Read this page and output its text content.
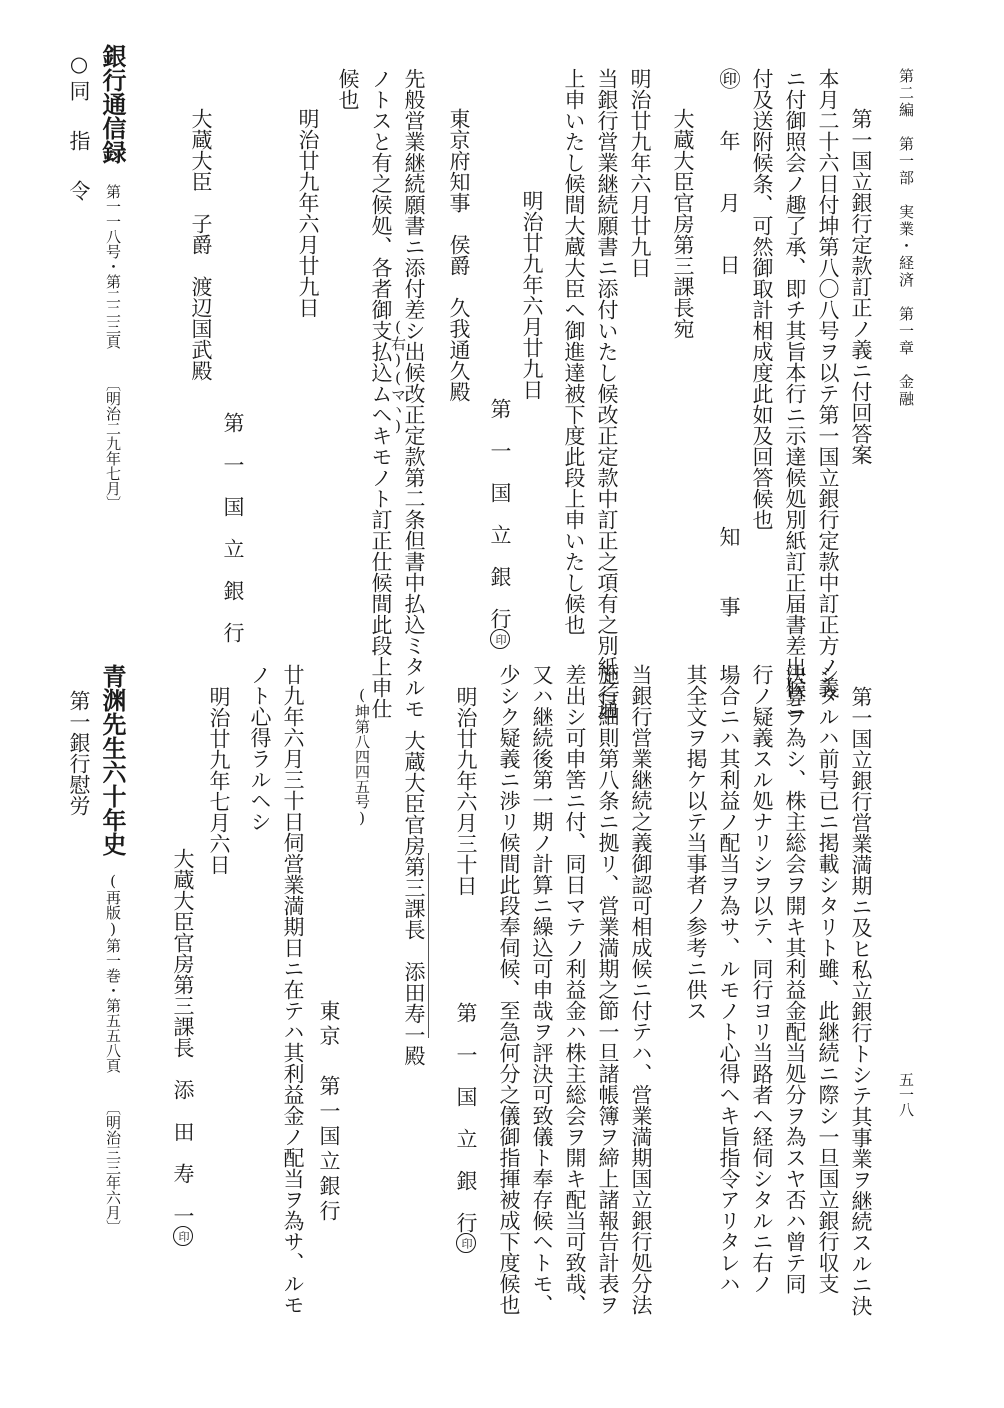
第二編　第一部　実業・経済　第一章　金融
五一八
第一国立銀行定款訂正ノ義ニ付回答案
本月二十六日付坤第八〇八号ヲ以テ第一国立銀行定款中訂正方ノ義
ニ付御照会ノ趣了承、即チ其旨本行ニ示達候処別紙訂正届書差出候ニ
付及送附候条、可然御取計相成度此如及回答候也
㊞　年　月　日
知　事
大蔵大臣官房第三課長宛
明治廿九年六月廿九日
当銀行営業継続願書ニ添付いたし候改正定款中訂正之項有之別紙之通
上申いたし候間大蔵大臣へ御進達被下度此段上申いたし候也
明治廿九年六月廿九日
第　一　国　立　銀　行印
東京府知事　侯爵　久我通久殿
先般営業継続願書ニ添付差シ出候改正定款第二条但書中払込ミタルモ
ノトスと有之候処、各者御支払込ムヘキモノト訂正仕候間此段上申仕
(右)(マヽ)
候也
明治廿九年六月廿九日
第　一　国　立　銀　行
大蔵大臣　子爵　渡辺国武殿
銀行通信録
第一一八号・第二二三頁
〔明治二九年七月〕
○同　指　令
第一国立銀行営業満期ニ及ヒ私立銀行トシテ其事業ヲ継続スルニ決
シタルハ前号已ニ掲載シタリト雖、此継続ニ際シ一旦国立銀行収支
決算ヲ為シ、株主総会ヲ開キ其利益金配当処分ヲ為スヤ否ハ曾テ同
行ノ疑義スル処ナリシヲ以テ、同行ヨリ当路者ヘ経伺シタルニ右ノ
場合ニハ其利益ノ配当ヲ為サ、ルモノト心得ヘキ旨指令アリタレハ
其全文ヲ掲ケ以テ当事者ノ参考ニ供ス
当銀行営業継続之義御認可相成候ニ付テハ、営業満期国立銀行処分法
施行細則第八条ニ拠リ、営業満期之節一旦諸帳簿ヲ締上諸報告計表ヲ
差出シ可申筈ニ付、同日マテノ利益金ハ株主総会ヲ開キ配当可致哉、
又ハ継続後第一期ノ計算ニ繰込可申哉ヲ評決可致儀ト奉存候ヘトモ、
少シク疑義ニ渉リ候間此段奉伺候、至急何分之儀御指揮被成下度候也
明治廿九年六月三十日
第　一　国　立　銀　行印
大蔵大臣官房第三課長　添田寿一殿
(坤第八四四五号)
東京　第一国立銀行
廿九年六月三十日伺営業満期日ニ在テハ其利益金ノ配当ヲ為サ、ルモ
ノト心得ラルヘシ
明治廿九年七月六日
大蔵大臣官房第三課長　添　田　寿　一印
青渊先生六十年史
(再版)第一巻・第五五八頁
〔明治三三年六月〕
第一銀行慰労
